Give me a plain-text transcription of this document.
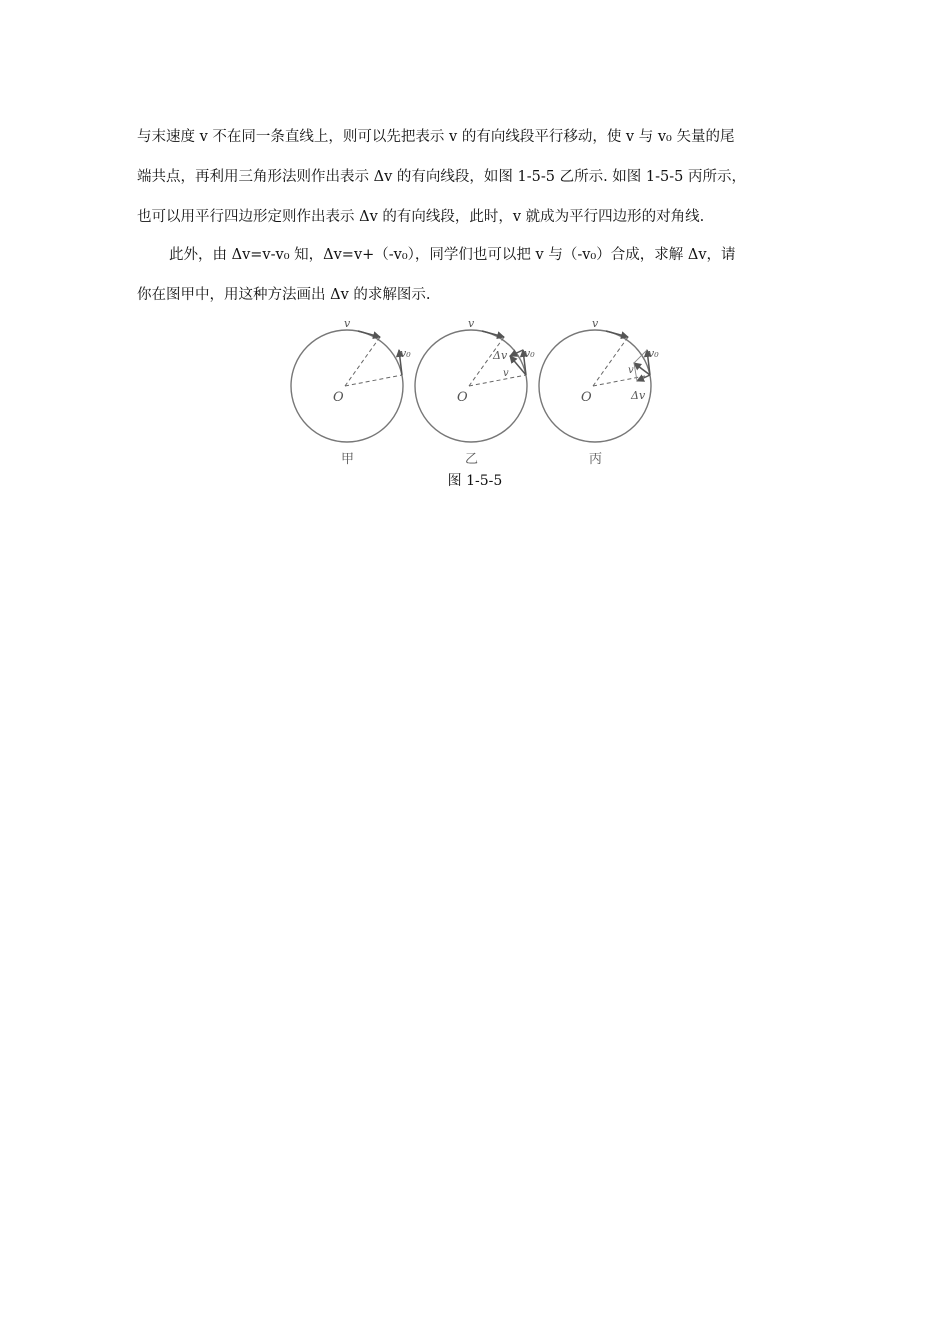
与末速度 v 不在同一条直线上，则可以先把表示 v 的有向线段平行移动，使 v 与 v₀ 矢量的尾
端共点，再利用三角形法则作出表示 Δv 的有向线段，如图 1-5-5 乙所示. 如图 1-5-5 丙所示，
也可以用平行四边形定则作出表示 Δv 的有向线段，此时，v 就成为平行四边形的对角线.
此外，由 Δv=v-v₀ 知，Δv=v+（-v₀），同学们也可以把 v 与（-v₀）合成，求解 Δv，请
你在图甲中，用这种方法画出 Δv 的求解图示.
v
v₀
O
甲
v
v₀
Δv
v
O
乙
v
v₀
Δv
v
O
丙
图 1-5-5
